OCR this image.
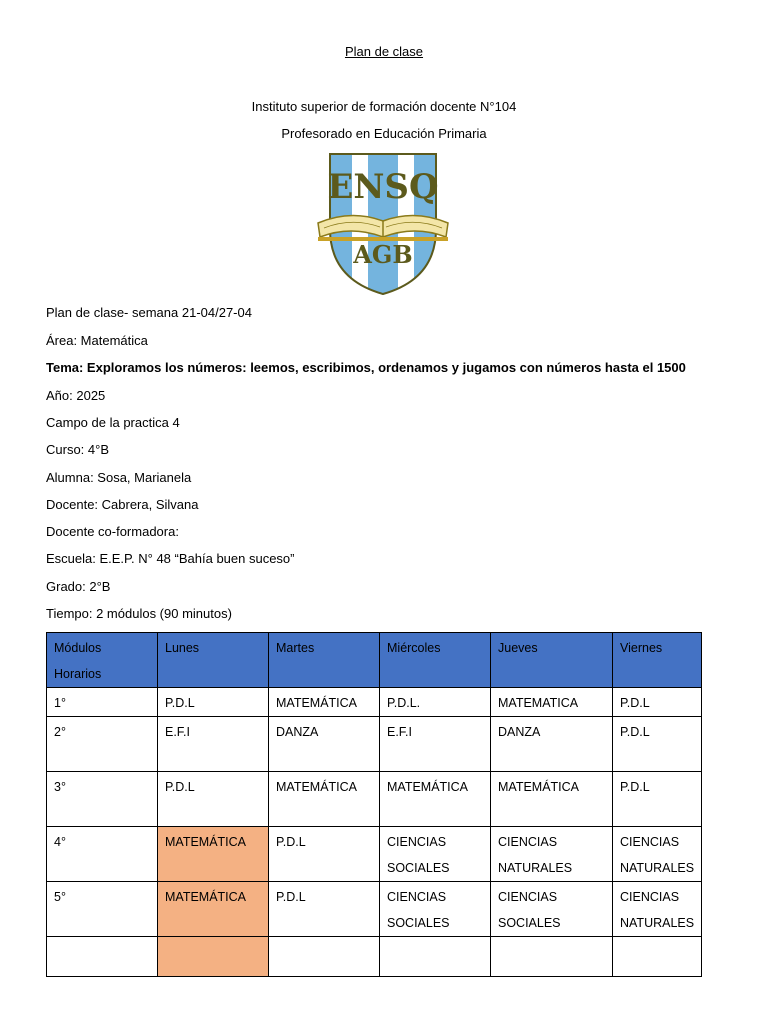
Plan de clase
Instituto superior de formación docente N°104
Profesorado en Educación Primaria
ENSQ
AGB
Plan de clase- semana 21-04/27-04
Área: Matemática
Tema: Exploramos los números: leemos, escribimos, ordenamos y jugamos con números hasta el 1500
Año: 2025
Campo de la practica 4
Curso: 4°B
Alumna: Sosa, Marianela
Docente: Cabrera, Silvana
Docente co-formadora:
Escuela: E.E.P. N° 48 “Bahía buen suceso”
Grado: 2°B
Tiempo: 2 módulos (90 minutos)
Módulos Horarios	Lunes	Martes	Miércoles	Jueves	Viernes
1°	P.D.L	MATEMÁTICA	P.D.L.	MATEMATICA	P.D.L
2°	E.F.I	DANZA	E.F.I	DANZA	P.D.L
3°	P.D.L	MATEMÁTICA	MATEMÁTICA	MATEMÁTICA	P.D.L
4°	MATEMÁTICA	P.D.L	CIENCIAS SOCIALES	CIENCIAS NATURALES	CIENCIAS NATURALES
5°	MATEMÁTICA	P.D.L	CIENCIAS SOCIALES	CIENCIAS SOCIALES	CIENCIAS NATURALES
